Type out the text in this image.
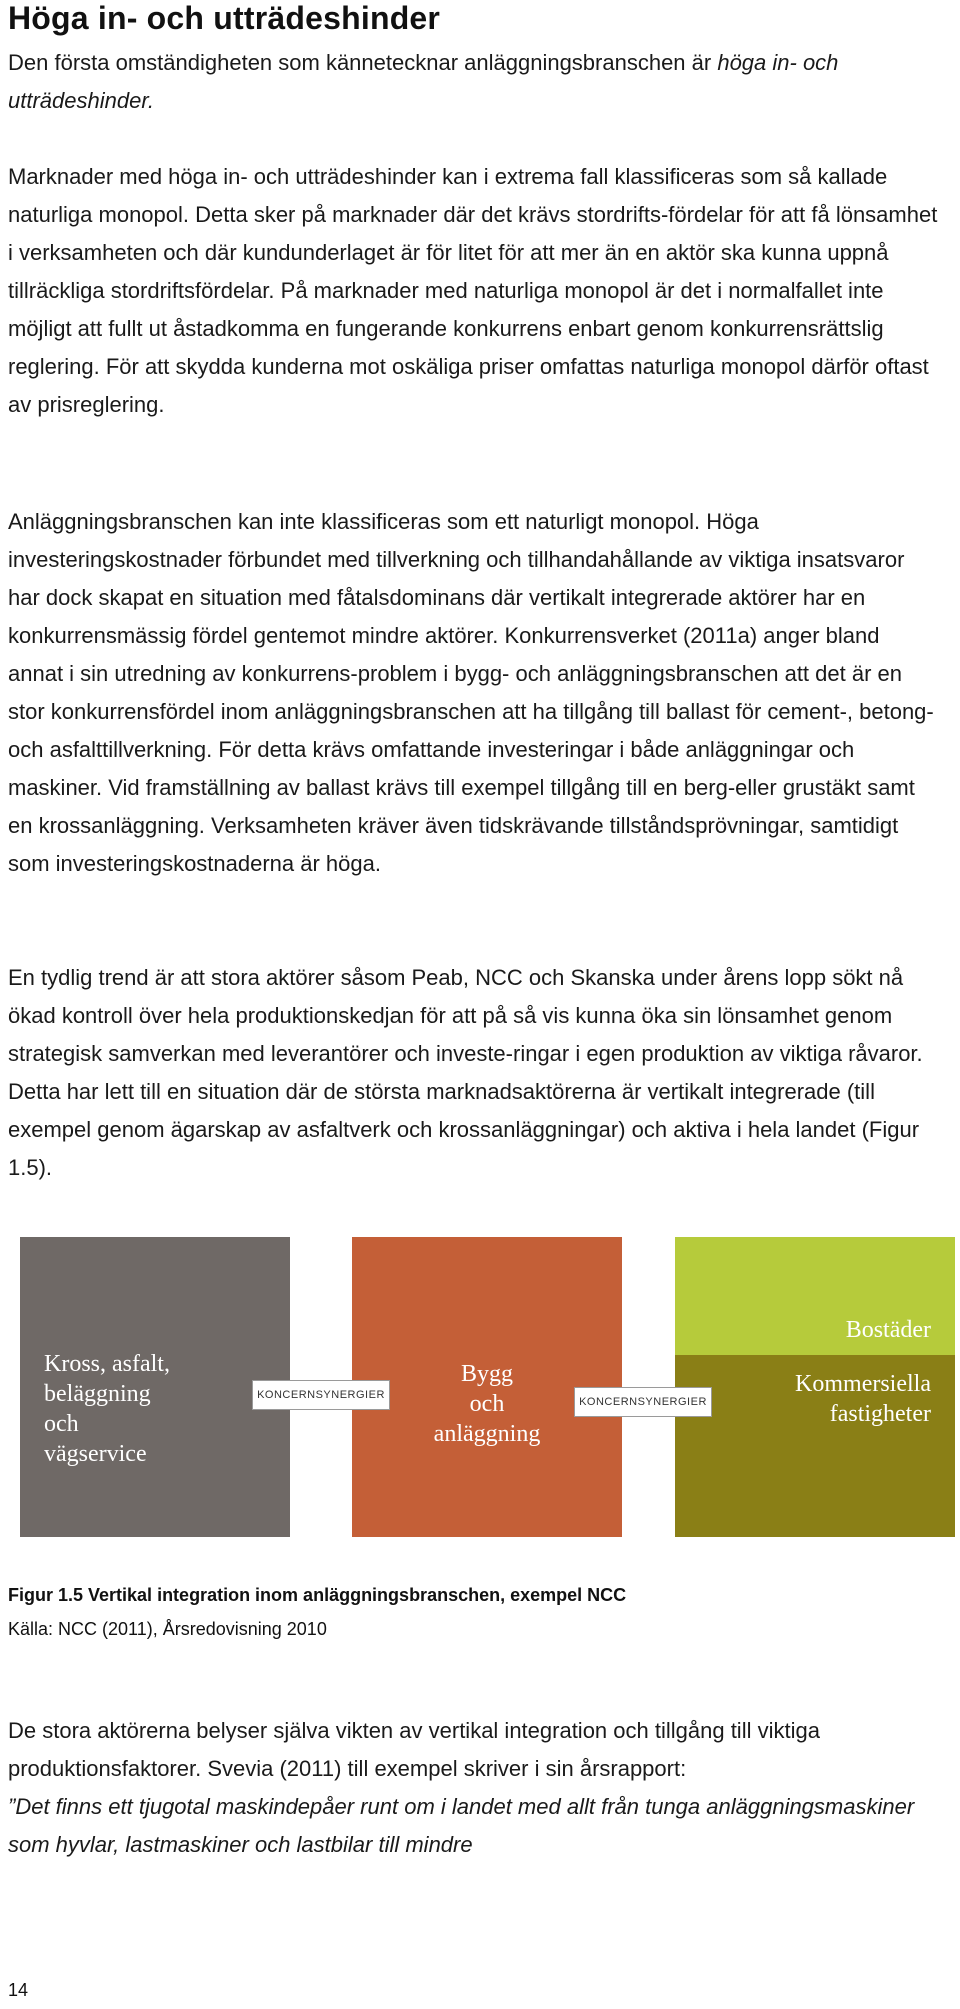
Höga in- och utträdeshinder

Den första omständigheten som kännetecknar anläggningsbranschen är höga in- och utträdeshinder.

Marknader med höga in- och utträdeshinder kan i extrema fall klassificeras som så kallade naturliga monopol. Detta sker på marknader där det krävs stordrifts-fördelar för att få lönsamhet i verksamheten och där kundunderlaget är för litet för att mer än en aktör ska kunna uppnå tillräckliga stordriftsfördelar. På marknader med naturliga monopol är det i normalfallet inte möjligt att fullt ut åstadkomma en fungerande konkurrens enbart genom konkurrensrättslig reglering. För att skydda kunderna mot oskäliga priser omfattas naturliga monopol därför oftast av prisreglering.

Anläggningsbranschen kan inte klassificeras som ett naturligt monopol. Höga investeringskostnader förbundet med tillverkning och tillhandahållande av viktiga insatsvaror har dock skapat en situation med fåtalsdominans där vertikalt integrerade aktörer har en konkurrensmässig fördel gentemot mindre aktörer. Konkurrensverket (2011a) anger bland annat i sin utredning av konkurrens-problem i bygg- och anläggningsbranschen att det är en stor konkurrensfördel inom anläggningsbranschen att ha tillgång till ballast för cement-, betong- och asfalttillverkning. För detta krävs omfattande investeringar i både anläggningar och maskiner. Vid framställning av ballast krävs till exempel tillgång till en berg-eller grustäkt samt en krossanläggning. Verksamheten kräver även tidskrävande tillståndsprövningar, samtidigt som investeringskostnaderna är höga.

En tydlig trend är att stora aktörer såsom Peab, NCC och Skanska under årens lopp sökt nå ökad kontroll över hela produktionskedjan för att på så vis kunna öka sin lönsamhet genom strategisk samverkan med leverantörer och investe-ringar i egen produktion av viktiga råvaror. Detta har lett till en situation där de största marknadsaktörerna är vertikalt integrerade (till exempel genom ägarskap av asfaltverk och krossanläggningar) och aktiva i hela landet (Figur 1.5).

Kross, asfalt,
beläggning
och
vägservice
Bygg
och
anläggning
Bostäder
Kommersiella
fastigheter
KONCERNSYNERGIER
KONCERNSYNERGIER
Figur 1.5 Vertikal integration inom anläggningsbranschen, exempel NCC
Källa: NCC (2011), Årsredovisning 2010

De stora aktörerna belyser själva vikten av vertikal integration och tillgång till viktiga produktionsfaktorer. Svevia (2011) till exempel skriver i sin årsrapport:

”Det finns ett tjugotal maskindepåer runt om i landet med allt från tunga anläggningsmaskiner som hyvlar, lastmaskiner och lastbilar till mindre

14
